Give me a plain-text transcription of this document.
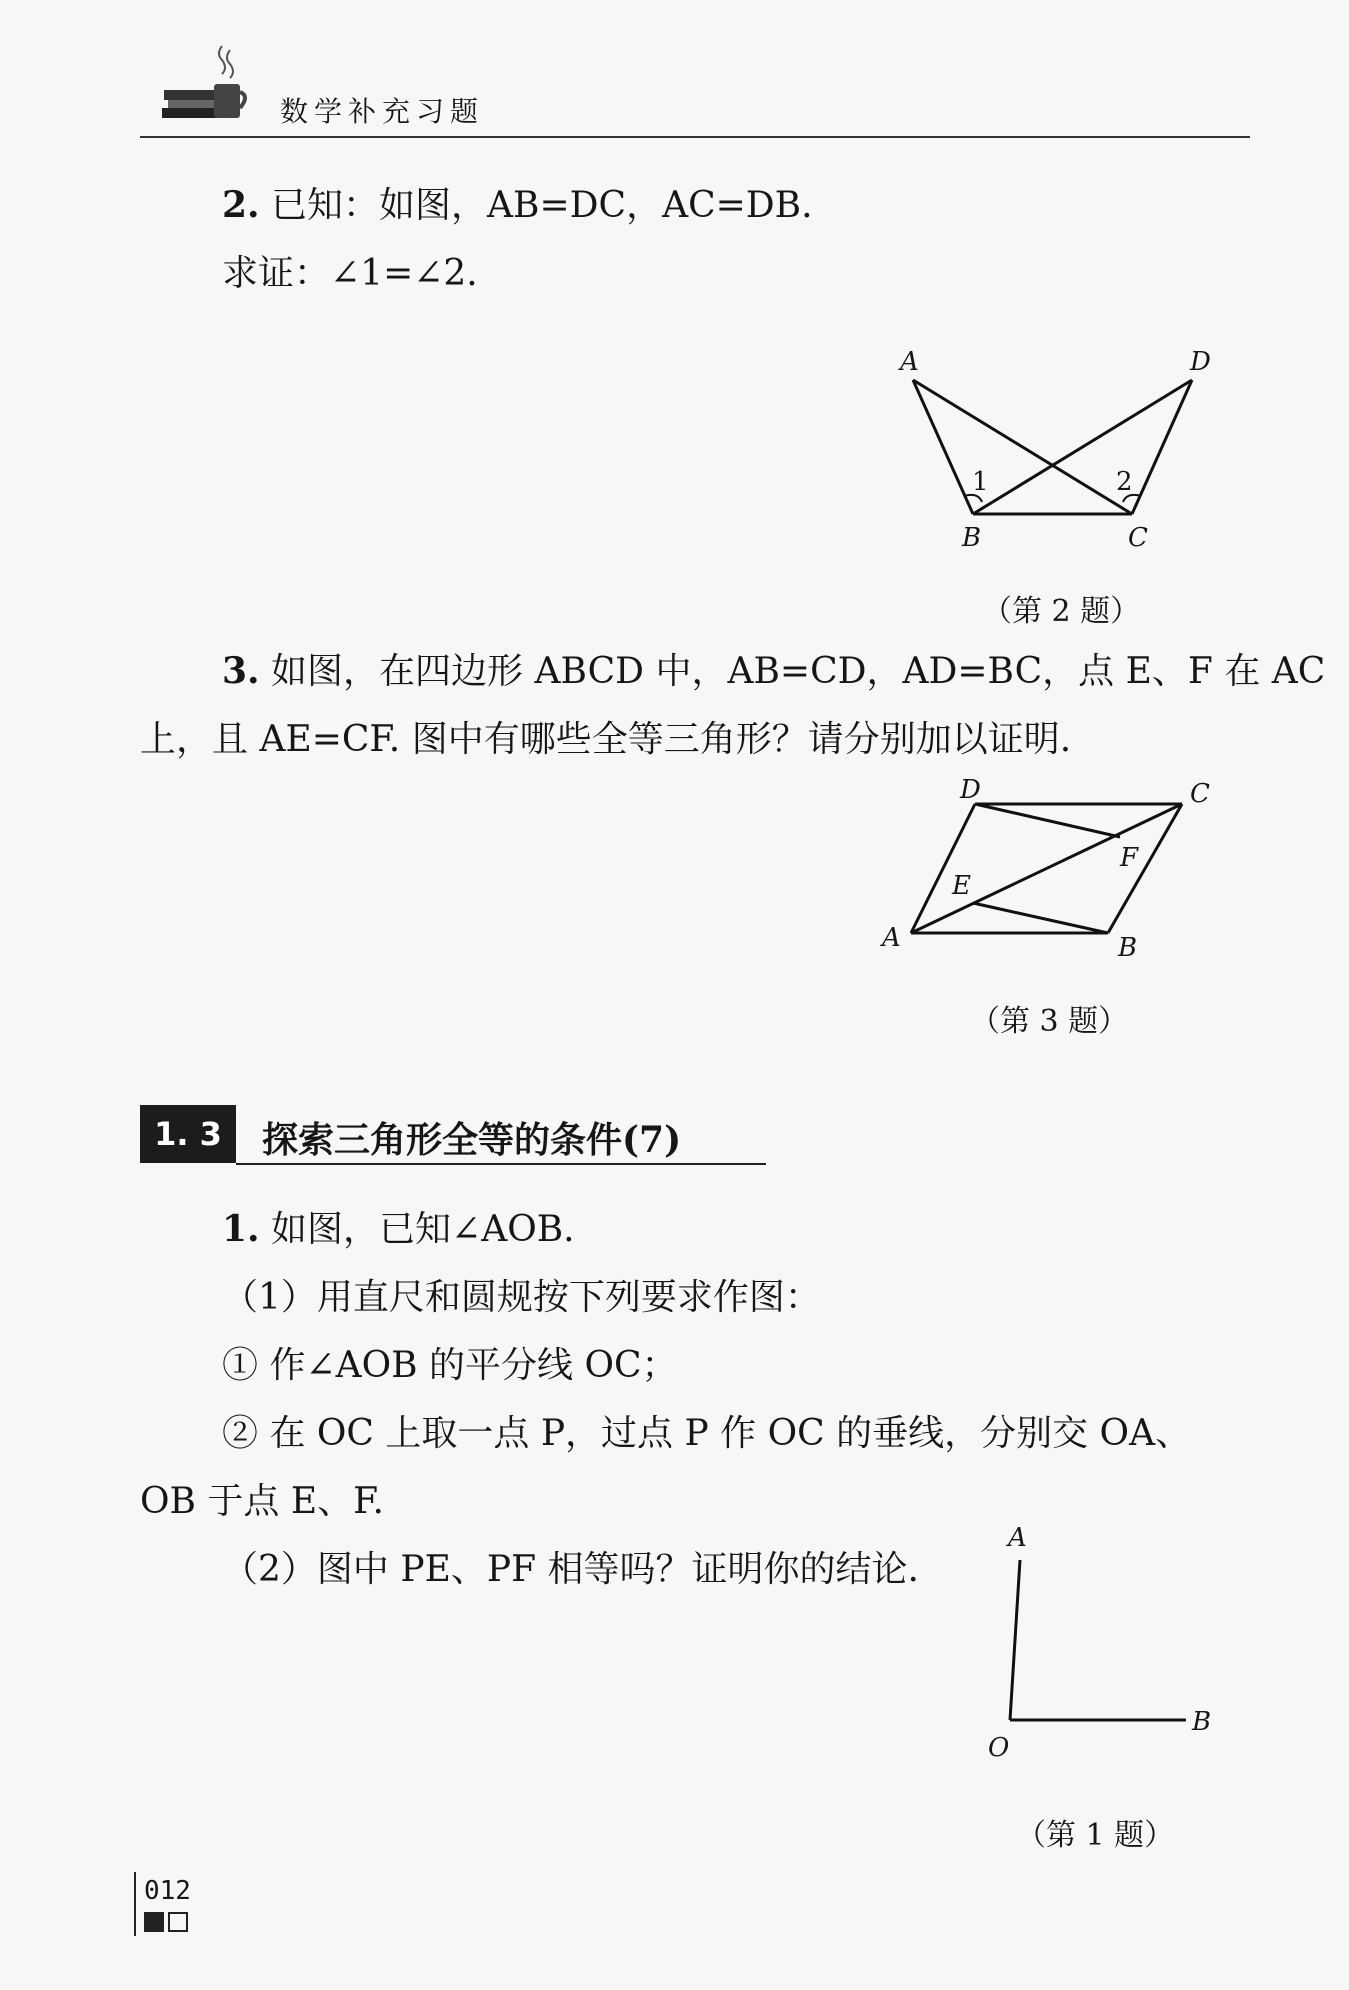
数学补充习题
2. 已知：如图，AB=DC，AC=DB.
求证：∠1=∠2.
A	D
B	C
1	2
（第 2 题）
3. 如图，在四边形 ABCD 中，AB=CD，AD=BC，点 E、F 在 AC
上，且 AE=CF. 图中有哪些全等三角形？请分别加以证明.
D	C
F
E
A	B
（第 3 题）
1. 3	探索三角形全等的条件(7)
1. 如图，已知∠AOB.
（1）用直尺和圆规按下列要求作图：
① 作∠AOB 的平分线 OC；
② 在 OC 上取一点 P，过点 P 作 OC 的垂线，分别交 OA、
OB 于点 E、F.
（2）图中 PE、PF 相等吗？证明你的结论.
A
O
B
（第 1 题）
012
